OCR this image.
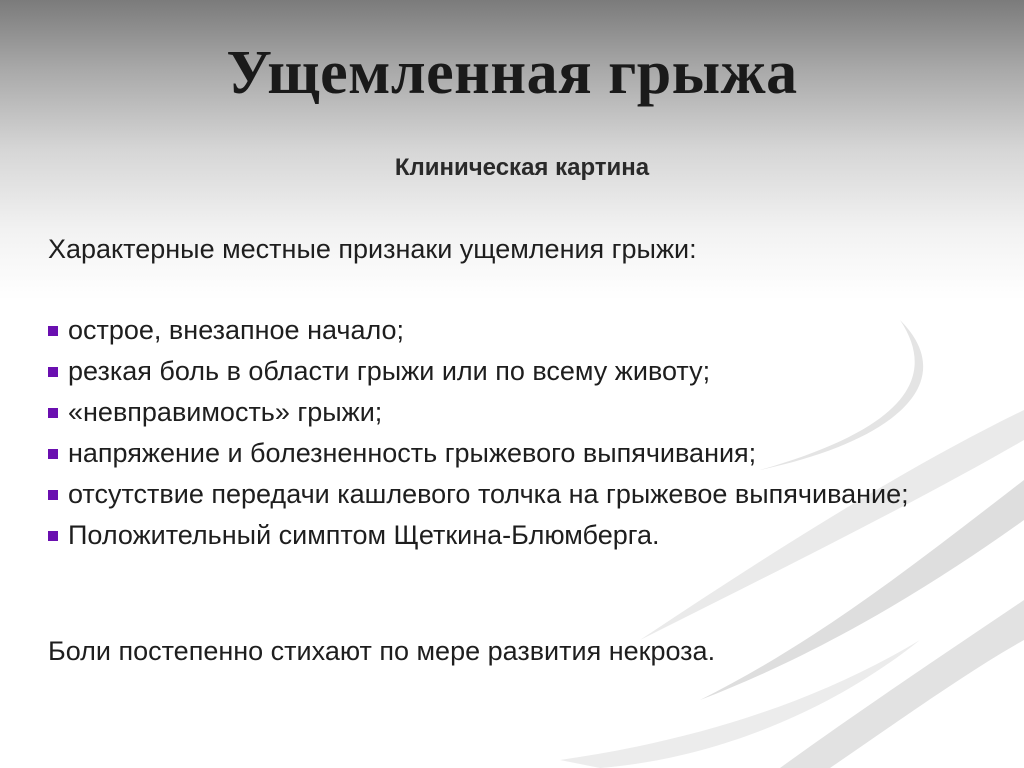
Ущемленная грыжа
Клиническая картина
Характерные местные признаки ущемления грыжи:
острое, внезапное начало;
резкая боль в области грыжи или по всему животу;
«невправимость» грыжи;
напряжение и болезненность грыжевого выпячивания;
отсутствие передачи кашлевого толчка на грыжевое выпячивание;
Положительный симптом Щеткина-Блюмберга.
Боли постепенно стихают по мере развития некроза.
